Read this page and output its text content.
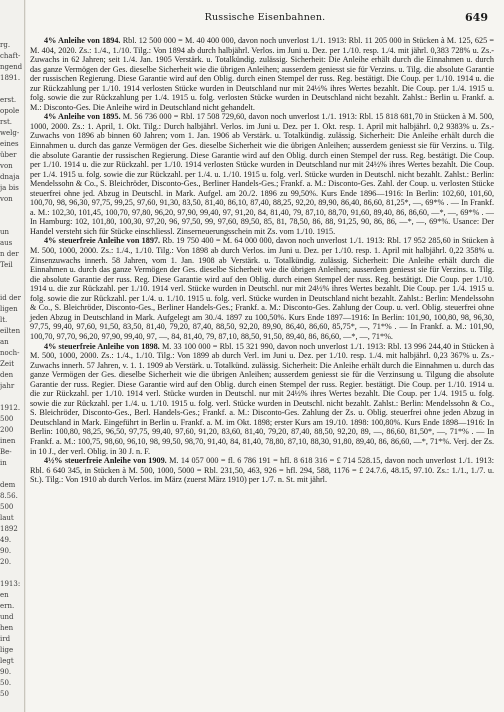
rg.
chaft-
ngend
1891.
erst.
opole
rst.
welg-
eines
über
von
dnaja
ja bis
von
un
aus
n der
Teil
id der
ligen
lt.
eilten
an
noch-
Zeit
den
jahr
1912.
500
200
inen
Be-
in
dem
8.56.
500
laut
1892
49.
90.
20.
1913:
en
ern.
und
hen
ird
lige
legt
90.
50.
50
Russische Eisenbahnen.	649

4% Anleihe von 1894. Rbl. 12 500 000 = M. 40 400 000, davon noch unverlost 1./1. 1913: Rbl. 11 205 000 in Stücken à M. 125, 625 = M. 404, 2020. Zs.: 1./4., 1./10. Tilg.: Von 1894 ab durch halbjährl. Verlos. im Juni u. Dez. per 1./10. resp. 1./4. mit jährl. 0,383 728% u. Zs.-Zuwachs in 62 Jahren; seit 1./4. Jan. 1905 Verstärk. u. Totalkündig. zulässig. Sicherheit: Die Anleihe erhält durch die Einnahmen u. durch das ganze Vermögen der Ges. dieselbe Sicherheit wie die übrigen Anleihen; ausserdem geniesst sie für Verzins. u. Tilg. die absolute Garantie der russischen Regierung. Diese Garantie wird auf den Oblig. durch einen Stempel der russ. Reg. bestätigt. Die Coup. per 1./10. 1914 u. die zur Rückzahlung per 1./10. 1914 verlosten Stücke wurden in Deutschland nur mit 24½% ihres Wertes bezahlt. Die Coup. per 1./4. 1915 u. folg. sowie die zur Rückzahlung per 1./4. 1915 u. folg. verlosten Stücke wurden in Deutschland nicht bezahlt. Zahlst.: Berlin u. Frankf. a. M.: Disconto-Ges. Die Anleihe wird in Deutschland nicht gehandelt.

4% Anleihe von 1895. M. 56 736 000 = Rbl. 17 508 729,60, davon noch unverlost 1./1. 1913: Rbl. 15 818 681,70 in Stücken à M. 500, 1000, 2000. Zs.: 1. April, 1. Okt. Tilg.: Durch halbjährl. Verlos. im Juni u. Dez. per 1. Okt. resp. 1. April mit halbjährl. 0,2 9383% u. Zs.-Zuwachs von 1896 ab binnen 60 Jahren; vom 1. Jan. 1906 ab Verstärk. u. Totalkündig. zulässig. Sicherheit: Die Anleihe erhält durch die Einnahmen u. durch das ganze Vermögen der Ges. dieselbe Sicherheit wie die übrigen Anleihen; ausserdem geniesst sie für Verzins. u. Tilg. die absolute Garantie der russischen Regierung. Diese Garantie wird auf den Oblig. durch einen Stempel der russ. Reg. bestätigt. Die Coup. per 1./10. 1914 u. die zur Rückzahl. per 1./10. 1914 verlosten Stücke wurden in Deutschland nur mit 24½% ihres Wertes bezahlt. Die Coup. per 1./4. 1915 u. folg. sowie die zur Rückzahl. per 1./4. u. 1./10. 1915 u. folg. verl. Stücke wurden in Deutschl. nicht bezahlt. Zahlst.: Berlin: Mendelssohn & Co., S. Bleichröder, Disconto-Ges., Berliner Handels-Ges.; Frankf. a. M.: Disconto-Ges. Zahl. der Coup. u. verlosten Stücke steuerfrei ohne jed. Abzug in Deutschl. in Mark. Aufgel. am 20./2. 1896 zu 99,50%. Kurs Ende 1896—1916: In Berlin: 102,60, 101,60, 100,70, 98, 96,30, 97,75, 99,25, 97,60, 91,30, 83,50, 81,40, 86,10, 87,40, 88,25, 92,20, 89,90, 86,40, 86,60, 81,25*, —, 69*% . — In Frankf. a. M.: 102,30, 101,45, 100,70, 97,80, 96,20, 97,90, 99,40, 97, 91,20, 84, 81,40, 79, 87,10, 88,70, 91,60, 89,40, 86, 86,60, —*, —, 69*% . — In Hamburg: 102, 101,80, 100,30, 97,20, 96, 97,50, 99, 97,60, 89,50, 85, 81, 78,50, 86, 88, 91,25, 90, 86, 86, —*, —, 69*%. Usance: Der Handel versteht sich für Stücke einschliessl. Zinserneuerungsschein mit Zs. vom 1./10. 1915.

4% steuerfreie Anleihe von 1897. Rb. 19 750 400 = M. 64 000 000, davon noch unverlost 1./1. 1913: Rbl. 17 952 285,60 in Stücken à M. 500, 1000, 2000. Zs.: 1./4., 1./10. Tilg.: Von 1898 ab durch Verlos. im Juni u. Dez. per 1./10. resp. 1. April mit halbjährl. 0,22 358% u. Zinsenzuwachs innerh. 58 Jahren, vom 1. Jan. 1908 ab Verstärk. u. Totalkündig. zulässig. Sicherheit: Die Anleihe erhält durch die Einnahmen u. durch das ganze Vermögen der Ges. dieselbe Sicherheit wie die übrigen Anleihen; ausserdem geniesst sie für Verzins. u. Tilg. die absolute Garantie der russ. Reg. Diese Garantie wird auf den Oblig. durch einen Stempel der russ. Reg. bestätigt. Die Coup. per 1./10. 1914 u. die zur Rückzahl. per 1./10. 1914 verl. Stücke wurden in Deutschl. nur mit 24½% ihres Wertes bezahlt. Die Coup. per 1./4. 1915 u. folg. sowie die zur Rückzahl. per 1./4. u. 1./10. 1915 u. folg. verl. Stücke wurden in Deutschland nicht bezahlt. Zahlst.: Berlin: Mendelssohn & Co., S. Bleichröder, Disconto-Ges., Berliner Handels-Ges.; Frankf. a. M.: Disconto-Ges. Zahlung der Coup. u. verl. Oblig. steuerfrei ohne jeden Abzug in Deutschland in Mark. Aufgelegt am 30./4. 1897 zu 100,50%. Kurs Ende 1897—1916: In Berlin: 101,90, 100,80, 98, 96,30, 97,75, 99,40, 97,60, 91,50, 83,50, 81,40, 79,20, 87,40, 88,50, 92,20, 89,90, 86,40, 86,60, 85,75*, —, 71*% . — In Frankf. a. M.: 101,90, 100,70, 97,70, 96,20, 97,90, 99,40, 97, —, 84, 81,40, 79, 87,10, 88,50, 91,50, 89,40, 86, 86,60, —*, —, 71*%.

4% steuerfreie Anleihe von 1898. M. 33 100 000 = Rbl. 15 321 990, davon noch unverlost 1./1. 1913: Rbl. 13 996 244,40 in Stücken à M. 500, 1000, 2000. Zs.: 1./4., 1./10. Tilg.: Von 1899 ab durch Verl. im Juni u. Dez. per 1./10. resp. 1./4. mit halbjährl. 0,23 367% u. Zs.-Zuwachs innerh. 57 Jahren, v. 1. 1. 1909 ab Verstärk. u. Totalkünd. zulässig. Sicherheit: Die Anleihe erhält durch die Einnahmen u. durch das ganze Vermögen der Ges. dieselbe Sicherheit wie die übrigen Anleihen; ausserdem geniesst sie für die Verzinsung u. Tilgung die absolute Garantie der russ. Regier. Diese Garantie wird auf den Oblig. durch einen Stempel der russ. Regier. bestätigt. Die Coup. per 1./10. 1914 u. die zur Rückzahl. per 1./10. 1914 verl. Stücke wurden in Deutschl. nur mit 24½% ihres Wertes bezahlt. Die Coup. per 1./4. 1915 u. folg. sowie die zur Rückzahl. per 1./4. u. 1./10. 1915 u. folg. verl. Stücke wurden in Deutschl. nicht bezahlt. Zahlst.: Berlin: Mendelssohn & Co., S. Bleichröder, Disconto-Ges., Berl. Handels-Ges.; Frankf. a. M.: Disconto-Ges. Zahlung der Zs. u. Oblig. steuerfrei ohne jeden Abzug in Deutschland in Mark. Eingeführt in Berlin u. Frankf. a. M. im Okt. 1898; erster Kurs am 19./10. 1898: 100,80%. Kurs Ende 1898—1916: In Berlin: 100,80, 98,25, 96,50, 97,75, 99,40, 97,60, 91,20, 83,60, 81,40, 79,20, 87,40, 88,50, 92,20, 89, —, 86,60, 81,50*, —, 71*% . — In Frankf. a. M.: 100,75, 98,60, 96,10, 98, 99,50, 98,70, 91,40, 84, 81,40, 78,80, 87,10, 88,30, 91,80, 89,40, 86, 86,60, —*, 71*%. Verj. der Zs. in 10 J., der verl. Oblig. in 30 J. n. F.

4½% steuerfreie Anleihe von 1909. M. 14 057 000 = fl. 6 786 191 = hfl. 8 618 316 = £ 714 528.15, davon noch unverlost 1./1. 1913: Rbl. 6 640 345, in Stücken à M. 500, 1000, 5000 = Rbl. 231,50, 463, 926 = hfl. 294, 588, 1176 = £ 24.7.6, 48.15, 97.10. Zs.: 1./1., 1./7. u. St.). Tilg.: Von 1910 ab durch Verlos. im März (zuerst März 1910) per 1./7. n. St. mit jährl.
